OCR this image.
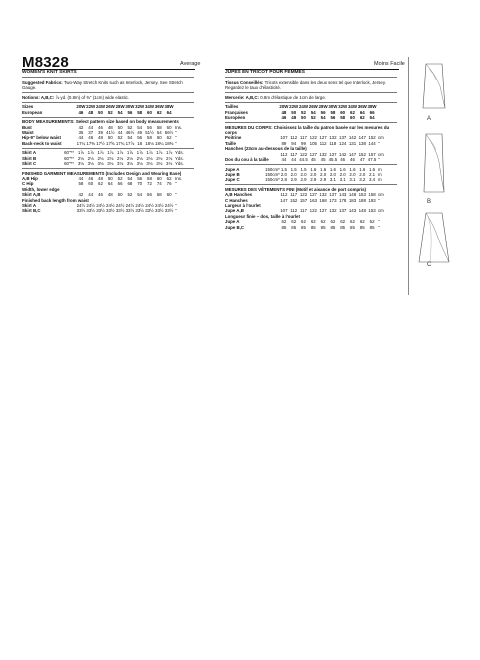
M8328	Average	Moins Facile
WOMEN'S KNIT SKIRTS

Suggested Fabrics: Two-Way Stretch Knits such as Interlock, Jersey. See Stretch Gauge.

Notions: A,B,C: ⅞ yd. (0.8m) of ⅜" (1cm) wide elastic.

Sizes	20W 22W 24W 26W 28W 30W 32W 34W 36W 38W
European	46	48	50	52	54	56	58	60	62	64
BODY MEASUREMENTS: Select pattern size based on body measurements
Bust	42	44	46	48	50	52	54	56	58	60 Ins.
Waist	35	37	39 41½ 44 46½ 49 51½ 54 56½ "
Hip-9" below waist	44	46	48	50	52	54	56	58	60	62 "
Back-neck to waist	17¼ 17⅜ 17½ 17⅝ 17¾ 17⅞ 18 18⅛ 18¼ 18⅜ "
Skirt A	60"** 1⅞ 1⅞ 1⅞ 1⅞ 1⅞ 1⅞ 1⅞ 1⅞ 1⅞ 1⅞ Yds.
Skirt B	60"** 2⅛ 2⅛ 2⅛ 2⅛ 2⅛ 2⅛ 2⅛ 2⅛ 2⅛ 2⅛ Yds.
Skirt C	60"** 3⅛ 3⅛ 3⅛ 3⅛ 3⅛ 3⅛ 3⅛ 3⅛ 3⅛ 3⅛ Yds.
FINISHED GARMENT MEASUREMENTS (Includes Design and Wearing Ease)
A,B Hip	44	46	48	50	52	54	56	58	60	62 Ins.
C Hip	58	60	62	64	66	68	70	72	74	76 "
Width, lower edge
Skirt A,B	42	44	46	48	50	52	54	56	58	60 "
Finished back length from waist
Skirt A	24½ 24½ 24½ 24½ 24½ 24½ 24½ 24½ 24½ 24½ "
Skirt B,C	33½ 33½ 33½ 33½ 33½ 33½ 33½ 33½ 33½ 33½ "
JUPES EN TRICOT POUR FEMMES

Tissus Conseillés: Tricots extensible dans les deux sens tel que Interlock, Jersey. Regardez le taux d'élasticité.

Mercerie: A,B,C: 0.8m d'élastique de 1cm de large.

Tailles	20W 22W 24W 26W 28W 30W 32W 34W 36W 38W
Françaises	48	50	52	54	56	58	60	62	64	66
Européen	46	48	50	52	54	56	58	60	62	64
MESURES DU CORPS: Choisissez la taille du patron basée sur les mesures du corps
Poitrine	107 112 117 122 127 132 137 142 147 152 cm
Taille	89	94	99 105 112 118 124 131 138 144 "
Hanches (23cm au-dessous de la taille)
112 117 122 127 132 137 142 147 152 157 cm
Dos du cou à la taille	44	44 44.5 45	45 45.5 46	46	47 47.5 "
Jupe A	150cm* 1.5 1.5 1.5 1.6 1.6 1.6 1.6 1.6 1.6 1.6 m
Jupe B	150cm* 2.0 2.0 2.0 2.0 2.0 2.0 2.0 2.0 2.0 2.1 m
Jupe C	150cm* 2.8 2.9 2.9 2.9 2.9 3.1 3.1 3.1 3.2 3.4 m
MESURES DES VÊTEMENTS FINI (Motif et aisance de port compris)
A,B Hanches	112 117 122 127 132 137 143 148 153 158 cm
C Hanches	147 152 157 163 168 173 178 183 188 193 "
Largeur à l'ourlet
Jupe A,B	107 112 117 122 127 132 137 143 148 153 cm
Longueur finie – dos, taille à l'ourlet
Jupe A	62	62	62	62	62	62	62	62	62	62 "
Jupe B,C	85	85	85	85	85	85	85	85	85	85 "
A
B
C
